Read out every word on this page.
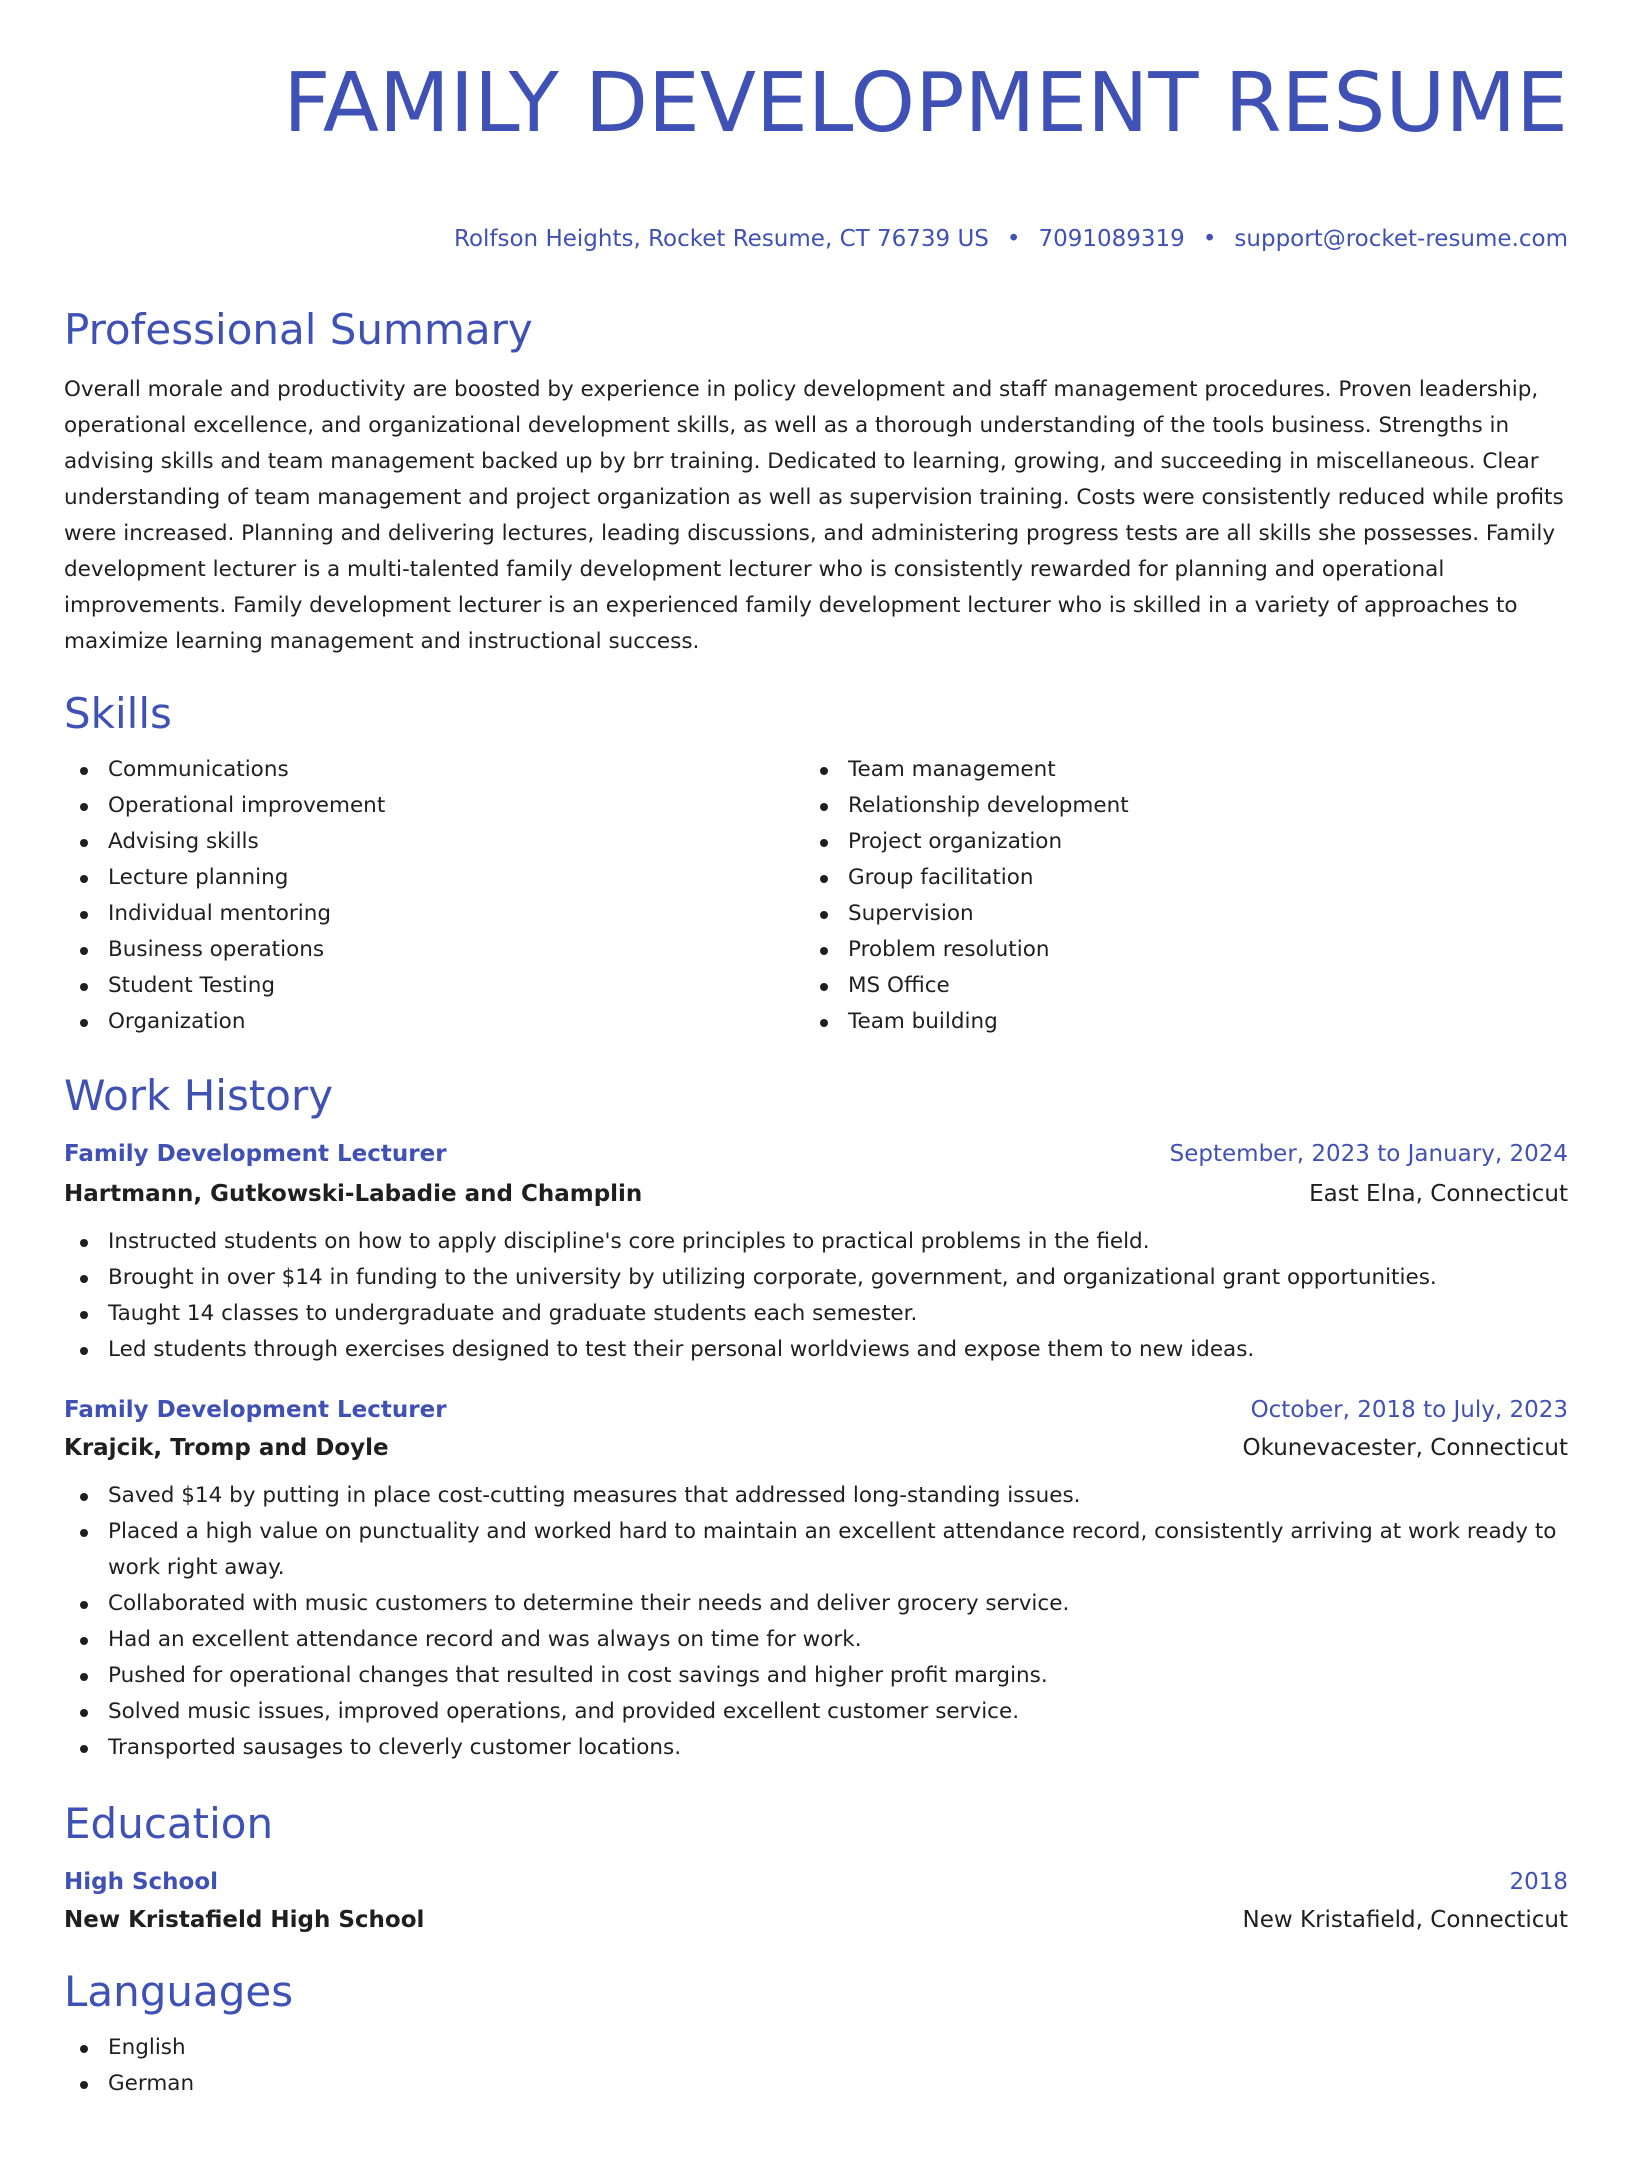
FAMILY DEVELOPMENT RESUME
Rolfson Heights, Rocket Resume, CT 76739 US • 7091089319 • support@rocket-resume.com
Professional Summary

Overall morale and productivity are boosted by experience in policy development and staff management procedures. Proven leadership, operational excellence, and organizational development skills, as well as a thorough understanding of the tools business. Strengths in advising skills and team management backed up by brr training. Dedicated to learning, growing, and succeeding in miscellaneous. Clear understanding of team management and project organization as well as supervision training. Costs were consistently reduced while profits were increased. Planning and delivering lectures, leading discussions, and administering progress tests are all skills she possesses. Family development lecturer is a multi-talented family development lecturer who is consistently rewarded for planning and operational improvements. Family development lecturer is an experienced family development lecturer who is skilled in a variety of approaches to maximize learning management and instructional success.

Skills
Communications
Operational improvement
Advising skills
Lecture planning
Individual mentoring
Business operations
Student Testing
Organization
Team management
Relationship development
Project organization
Group facilitation
Supervision
Problem resolution
MS Office
Team building
Work History
Family Development Lecturer	September, 2023 to January, 2024
Hartmann, Gutkowski-Labadie and Champlin	East Elna, Connecticut
Instructed students on how to apply discipline's core principles to practical problems in the field.
Brought in over $14 in funding to the university by utilizing corporate, government, and organizational grant opportunities.
Taught 14 classes to undergraduate and graduate students each semester.
Led students through exercises designed to test their personal worldviews and expose them to new ideas.
Family Development Lecturer	October, 2018 to July, 2023
Krajcik, Tromp and Doyle	Okunevacester, Connecticut
Saved $14 by putting in place cost-cutting measures that addressed long-standing issues.
Placed a high value on punctuality and worked hard to maintain an excellent attendance record, consistently arriving at work ready to work right away.
Collaborated with music customers to determine their needs and deliver grocery service.
Had an excellent attendance record and was always on time for work.
Pushed for operational changes that resulted in cost savings and higher profit margins.
Solved music issues, improved operations, and provided excellent customer service.
Transported sausages to cleverly customer locations.
Education
High School	2018
New Kristafield High School	New Kristafield, Connecticut
Languages
English
German
